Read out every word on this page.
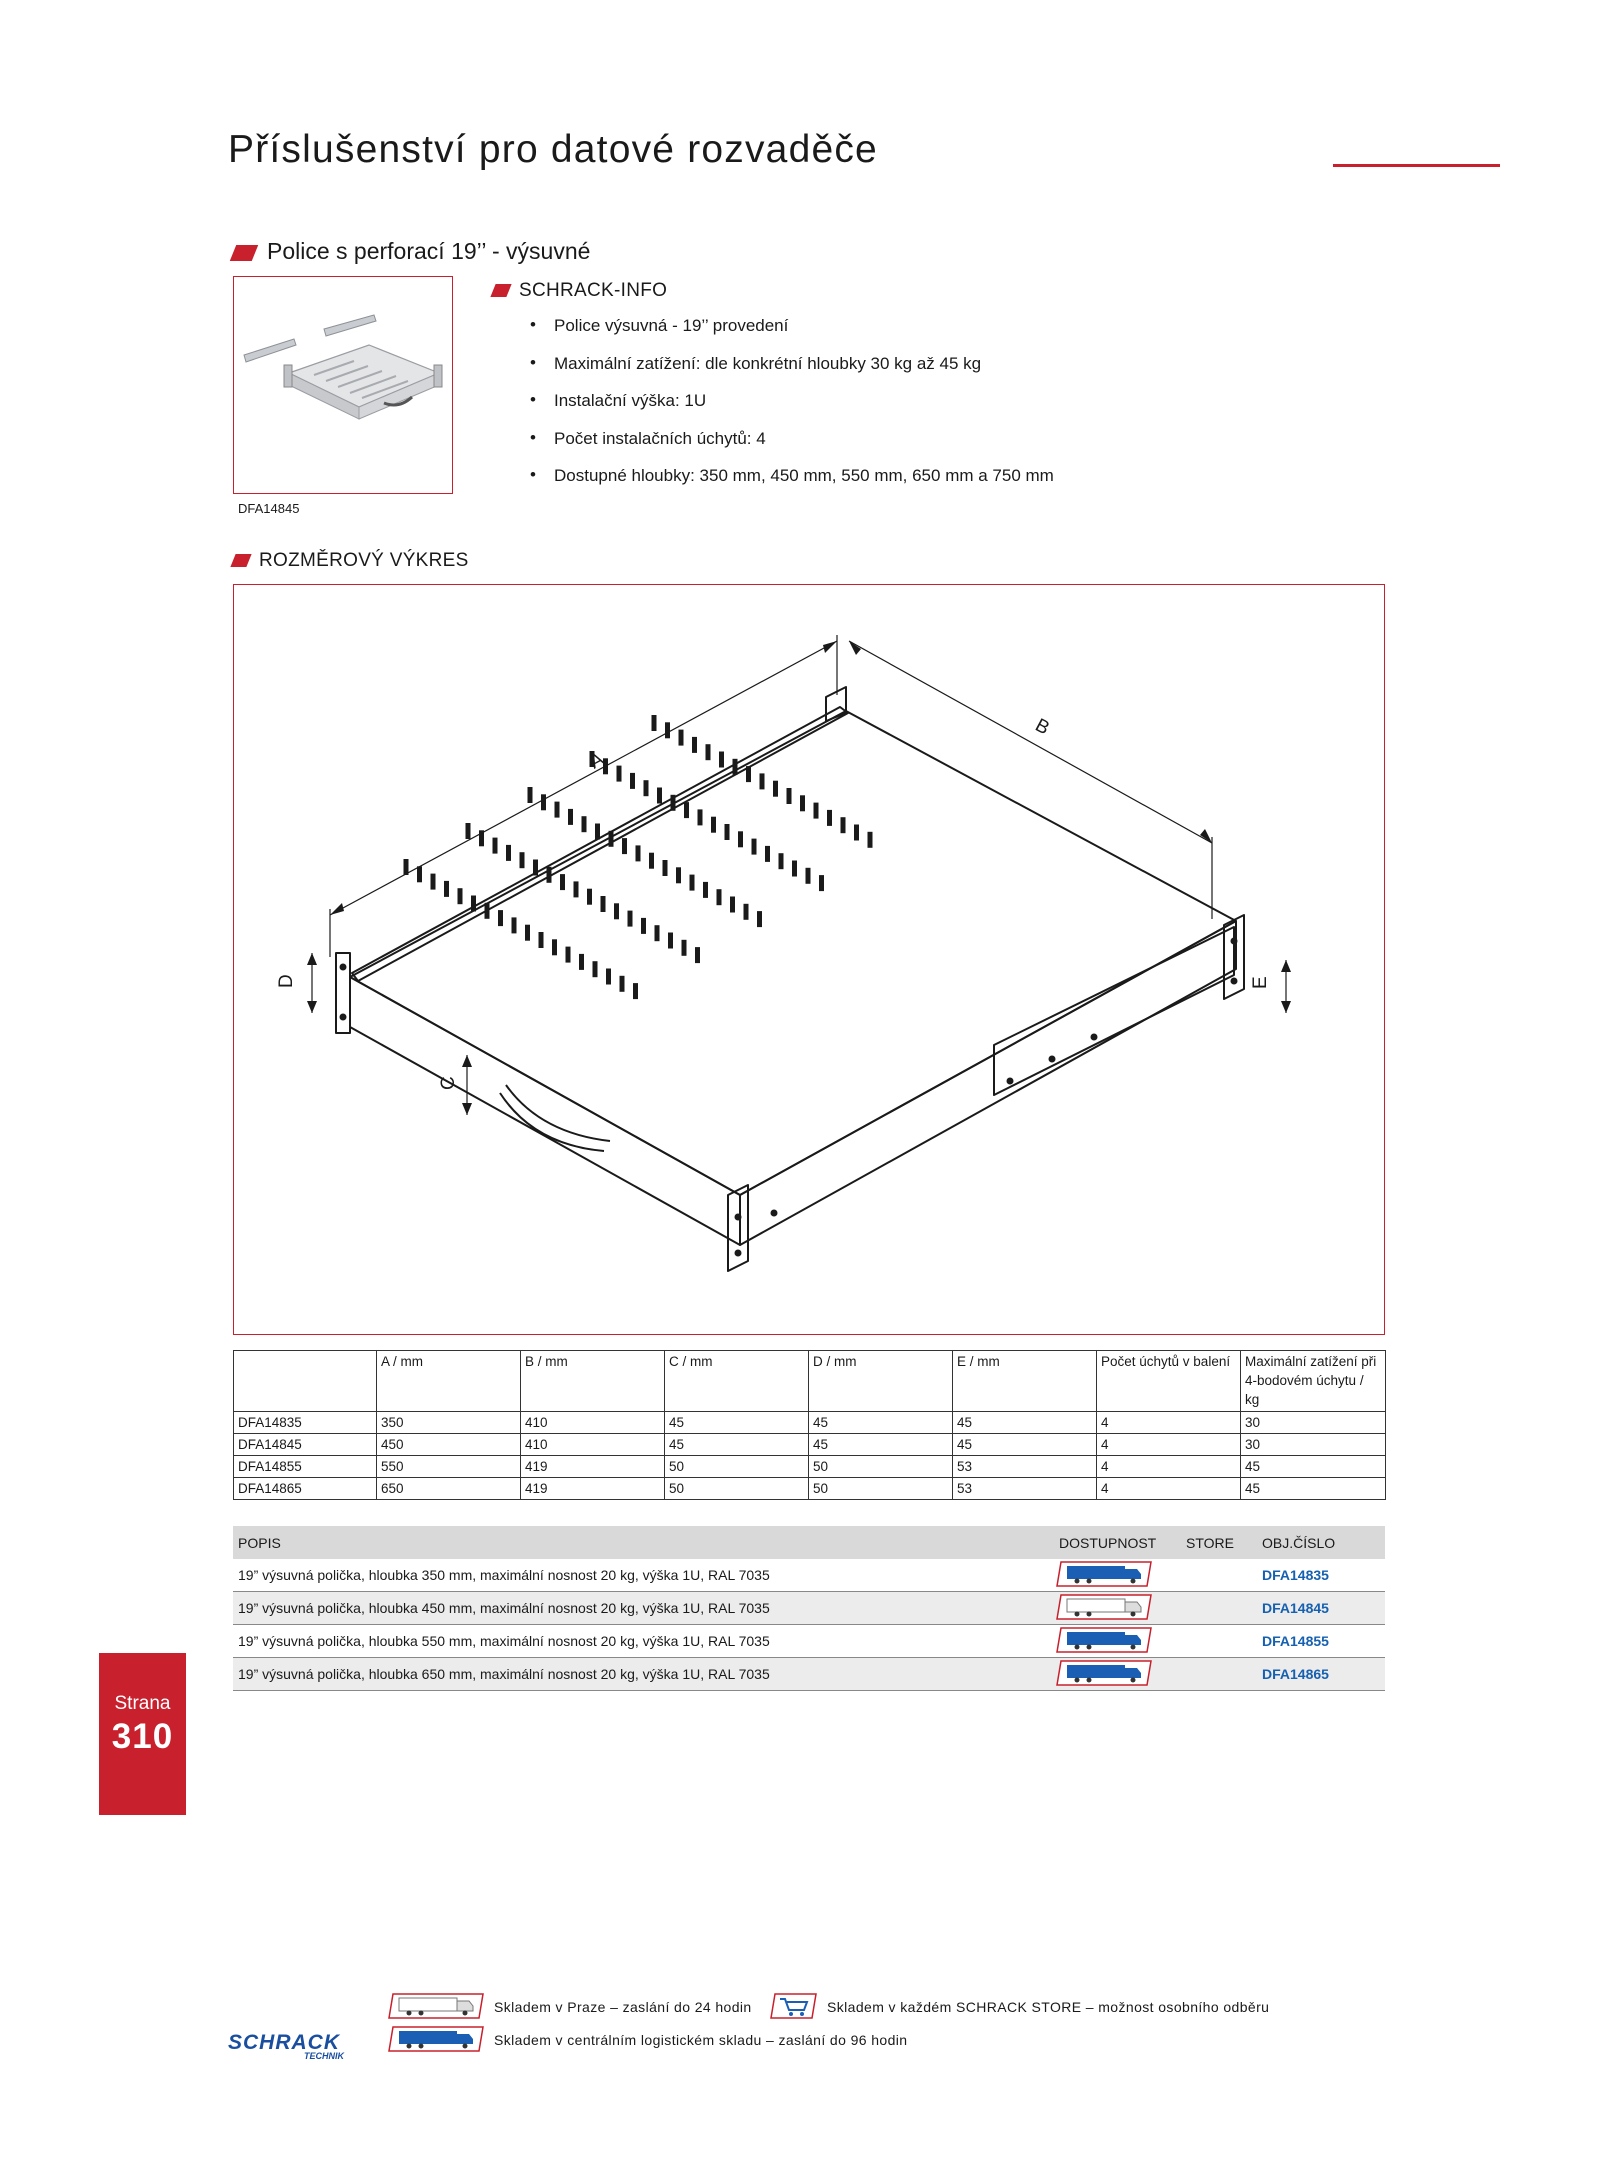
Příslušenství pro datové rozvaděče
Police s perforací 19’’ - výsuvné
DFA14845
SCHRACK-INFO
• Police výsuvná - 19’’ provedení
• Maximální zatížení: dle konkrétní hloubky 30 kg až 45 kg
• Instalační výška: 1U
• Počet instalačních úchytů: 4
• Dostupné hloubky: 350 mm, 450 mm, 550 mm, 650 mm a 750 mm
ROZMĚROVÝ VÝKRES
A
B
C
D	E
	A / mm	B / mm	C / mm	D / mm	E / mm	Počet úchytů v balení	Maximální zatížení při 4-bodovém úchytu / kg
DFA14835	350	410	45	45	45	4	30
DFA14845	450	410	45	45	45	4	30
DFA14855	550	419	50	50	53	4	45
DFA14865	650	419	50	50	53	4	45
POPIS	DOSTUPNOST STORE OBJ.ČÍSLO
19” výsuvná polička, hloubka 350 mm, maximální nosnost 20 kg, výška 1U, RAL 7035	DFA14835
19” výsuvná polička, hloubka 450 mm, maximální nosnost 20 kg, výška 1U, RAL 7035	DFA14845
19” výsuvná polička, hloubka 550 mm, maximální nosnost 20 kg, výška 1U, RAL 7035	DFA14855
19” výsuvná polička, hloubka 650 mm, maximální nosnost 20 kg, výška 1U, RAL 7035	DFA14865
Strana
310
Skladem v Praze – zaslání do 24 hodin	Skladem v každém SCHRACK STORE – možnost osobního odběru
Skladem v centrálním logistickém skladu – zaslání do 96 hodin
SCHRACK
TECHNIK
